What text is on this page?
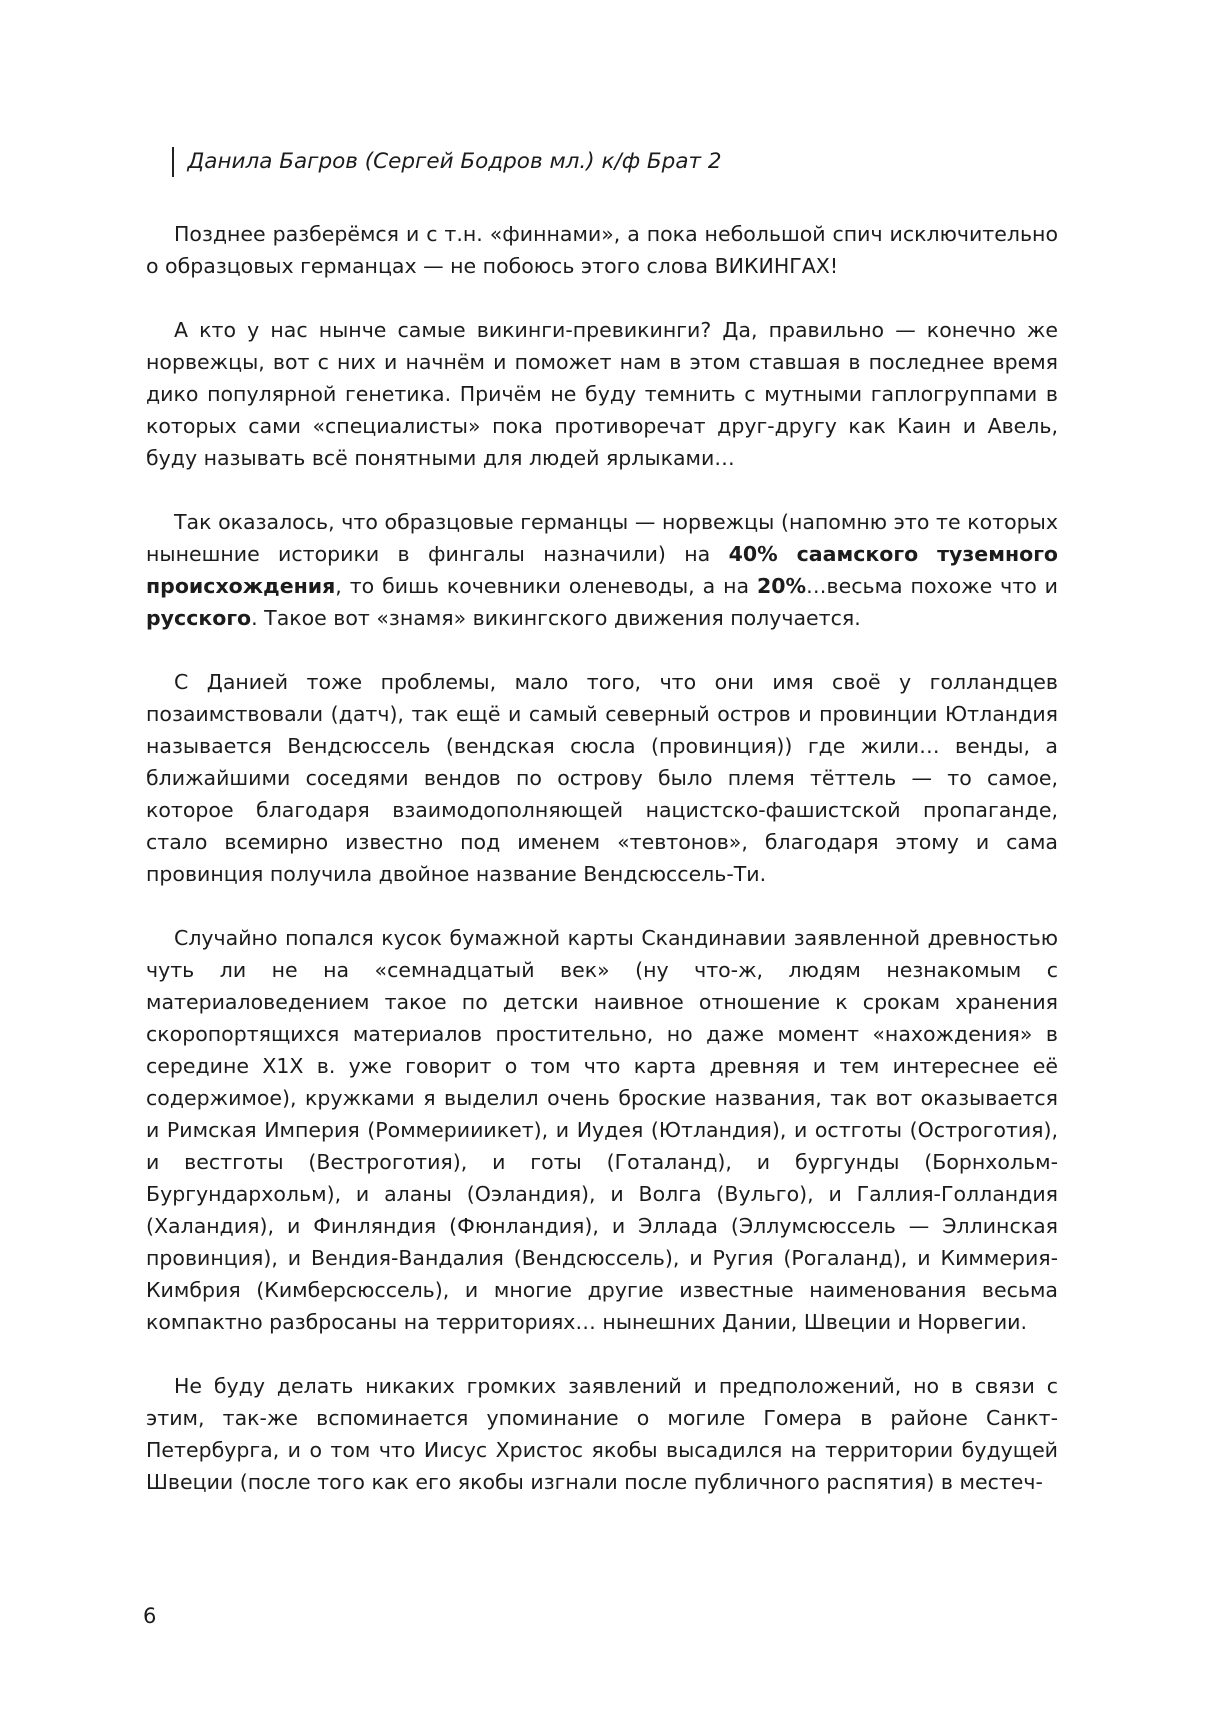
Данила Багров (Сергей Бодров мл.) к/ф Брат 2

Позднее разберёмся и с т.н. «финнами», а пока небольшой спич исключительно о образцовых германцах — не побоюсь этого слова ВИКИНГАХ!

А кто у нас нынче самые викинги-превикинги? Да, правильно — конечно же норвежцы, вот с них и начнём и поможет нам в этом ставшая в последнее время дико популярной генетика. Причём не буду темнить с мутными гаплогруппами в которых сами «специалисты» пока противоречат друг-другу как Каин и Авель, буду называть всё понятными для людей ярлыками…

Так оказалось, что образцовые германцы — норвежцы (напомню это те которых нынешние историки в фингалы назначили) на 40% саамского туземного происхождения, то бишь кочевники оленеводы, а на 20%…весьма похоже что и русского. Такое вот «знамя» викингского движения получается.

С Данией тоже проблемы, мало того, что они имя своё у голландцев позаимствовали (датч), так ещё и самый северный остров и провинции Ютландия называется Вендсюссель (вендская сюсла (провинция)) где жили… венды, а ближайшими соседями вендов по острову было племя тёттель — то самое, которое благодаря взаимодополняющей нацистско-фашистской пропаганде, стало всемирно известно под именем «тевтонов», благодаря этому и сама провинция получила двойное название Вендсюссель-Ти.

Случайно попался кусок бумажной карты Скандинавии заявленной древностью чуть ли не на «семнадцатый век» (ну что-ж, людям незнакомым с материаловедением такое по детски наивное отношение к срокам хранения скоропортящихся материалов простительно, но даже момент «нахождения» в середине Х1Х в. уже говорит о том что карта древняя и тем интереснее её содержимое), кружками я выделил очень броские названия, так вот оказывается и Римская Империя (Роммерииикет), и Иудея (Ютландия), и остготы (Остроготия), и вестготы (Вестроготия), и готы (Готаланд), и бургунды (Борнхольм-Бургундархольм), и аланы (Оэландия), и Волга (Вульго), и Галлия-Голландия (Халандия), и Финляндия (Фюнландия), и Эллада (Эллумсюссель — Эллинская провинция), и Вендия-Вандалия (Вендсюссель), и Ругия (Рогаланд), и Киммерия-Кимбрия (Кимберсюссель), и многие другие известные наименования весьма компактно разбросаны на территориях… нынешних Дании, Швеции и Норвегии.

Не буду делать никаких громких заявлений и предположений, но в связи с этим, так-же вспоминается упоминание о могиле Гомера в районе Санкт-Петербурга, и о том что Иисус Христос якобы высадился на территории будущей Швеции (после того как его якобы изгнали после публичного распятия) в местеч-

6
